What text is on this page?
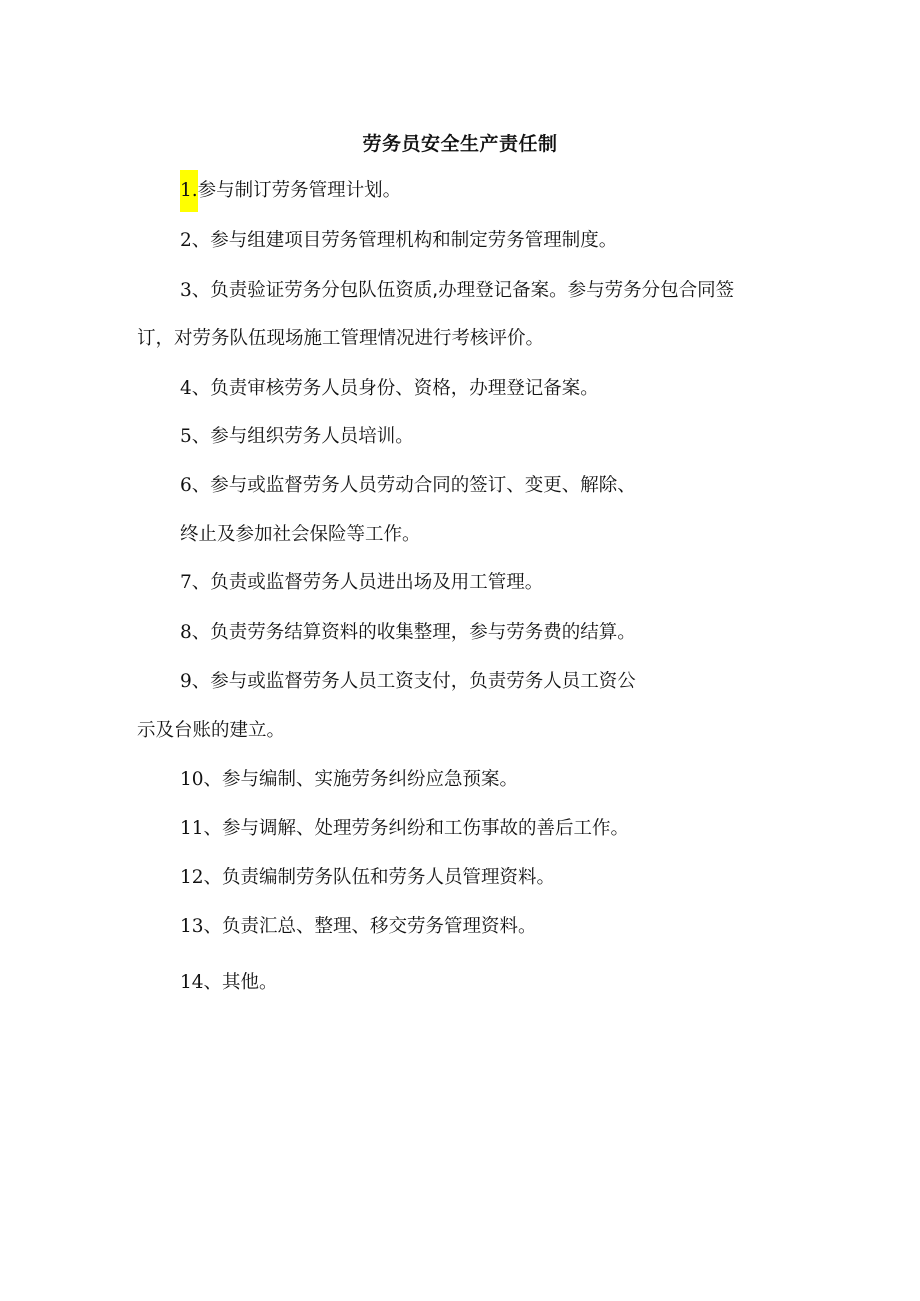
劳务员安全生产责任制
1.参与制订劳务管理计划。
2、参与组建项目劳务管理机构和制定劳务管理制度。
3、负责验证劳务分包队伍资质,办理登记备案。参与劳务分包合同签
订，对劳务队伍现场施工管理情况进行考核评价。
4、负责审核劳务人员身份、资格，办理登记备案。
5、参与组织劳务人员培训。
6、参与或监督劳务人员劳动合同的签订、变更、解除、
终止及参加社会保险等工作。
7、负责或监督劳务人员进出场及用工管理。
8、负责劳务结算资料的收集整理，参与劳务费的结算。
9、参与或监督劳务人员工资支付，负责劳务人员工资公
示及台账的建立。
10、参与编制、实施劳务纠纷应急预案。
11、参与调解、处理劳务纠纷和工伤事故的善后工作。
12、负责编制劳务队伍和劳务人员管理资料。
13、负责汇总、整理、移交劳务管理资料。
14、其他。
